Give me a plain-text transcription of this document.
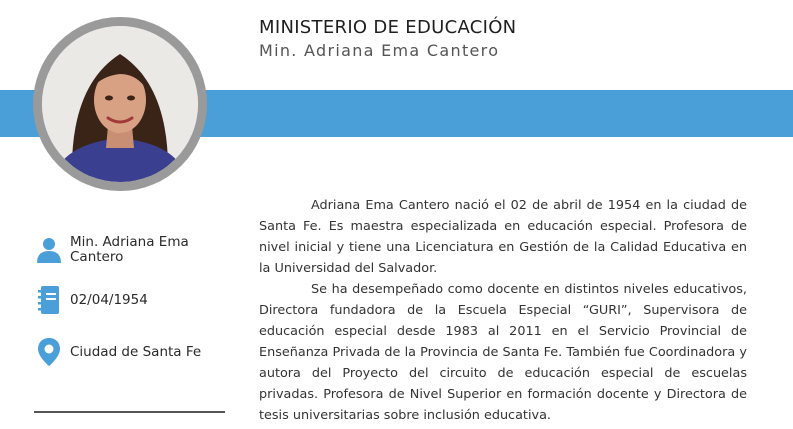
MINISTERIO DE EDUCACIÓN
Min. Adriana Ema Cantero
Min. Adriana Ema Cantero
02/04/1954
Ciudad de Santa Fe

Adriana Ema Cantero nació el 02 de abril de 1954 en la ciudad de Santa Fe. Es maestra especializada en educación especial. Profesora de nivel inicial y tiene una Licenciatura en Gestión de la Calidad Educativa en la Universidad del Salvador.

Se ha desempeñado como docente en distintos niveles educativos, Directora fundadora de la Escuela Especial “GURI”, Supervisora de educación especial desde 1983 al 2011 en el Servicio Provincial de Enseñanza Privada de la Provincia de Santa Fe. También fue Coordinadora y autora del Proyecto del circuito de educación especial de escuelas privadas. Profesora de Nivel Superior en formación docente y Directora de tesis universitarias sobre inclusión educativa.
